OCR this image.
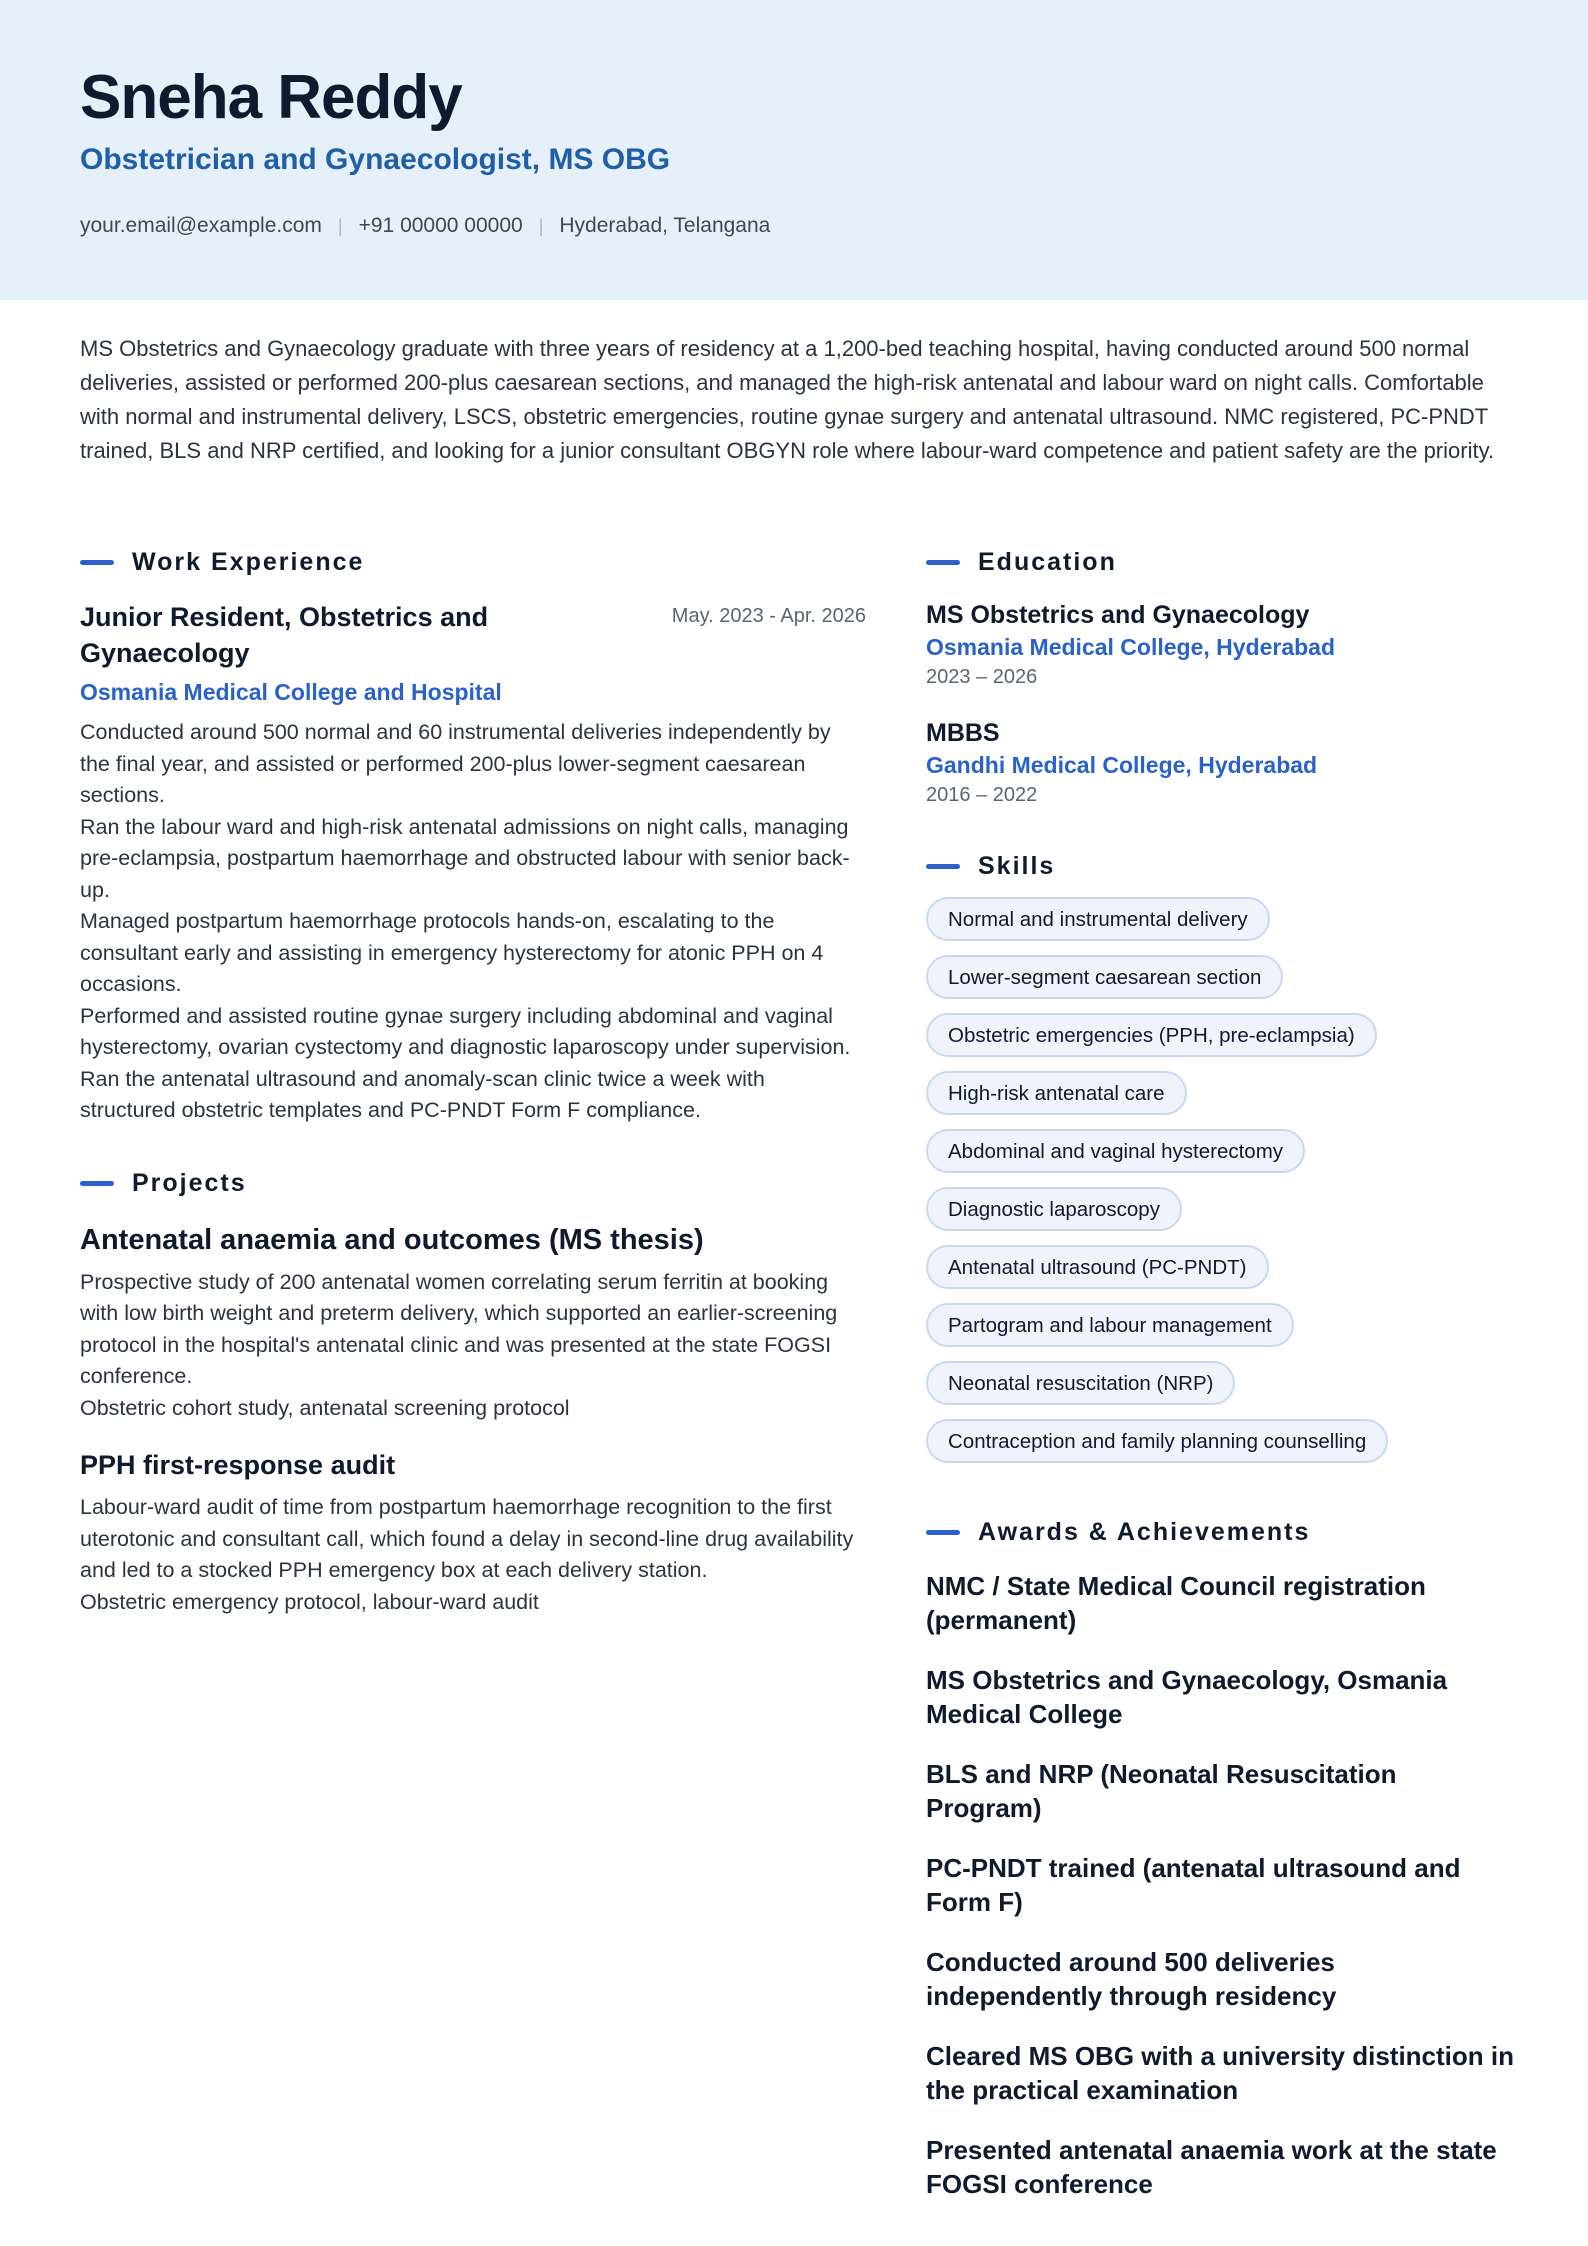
Sneha Reddy
Obstetrician and Gynaecologist, MS OBG
your.email@example.com | +91 00000 00000 | Hyderabad, Telangana
MS Obstetrics and Gynaecology graduate with three years of residency at a 1,200-bed teaching hospital, having conducted around 500 normal deliveries, assisted or performed 200-plus caesarean sections, and managed the high-risk antenatal and labour ward on night calls. Comfortable with normal and instrumental delivery, LSCS, obstetric emergencies, routine gynae surgery and antenatal ultrasound. NMC registered, PC-PNDT trained, BLS and NRP certified, and looking for a junior consultant OBGYN role where labour-ward competence and patient safety are the priority.
Work Experience
Junior Resident, Obstetrics and Gynaecology
May. 2023 - Apr. 2026
Osmania Medical College and Hospital
Conducted around 500 normal and 60 instrumental deliveries independently by the final year, and assisted or performed 200-plus lower-segment caesarean sections.
Ran the labour ward and high-risk antenatal admissions on night calls, managing pre-eclampsia, postpartum haemorrhage and obstructed labour with senior back-up.
Managed postpartum haemorrhage protocols hands-on, escalating to the consultant early and assisting in emergency hysterectomy for atonic PPH on 4 occasions.
Performed and assisted routine gynae surgery including abdominal and vaginal hysterectomy, ovarian cystectomy and diagnostic laparoscopy under supervision.
Ran the antenatal ultrasound and anomaly-scan clinic twice a week with structured obstetric templates and PC-PNDT Form F compliance.
Projects
Antenatal anaemia and outcomes (MS thesis)
Prospective study of 200 antenatal women correlating serum ferritin at booking with low birth weight and preterm delivery, which supported an earlier-screening protocol in the hospital's antenatal clinic and was presented at the state FOGSI conference.
Obstetric cohort study, antenatal screening protocol
PPH first-response audit
Labour-ward audit of time from postpartum haemorrhage recognition to the first uterotonic and consultant call, which found a delay in second-line drug availability and led to a stocked PPH emergency box at each delivery station.
Obstetric emergency protocol, labour-ward audit
Education
MS Obstetrics and Gynaecology
Osmania Medical College, Hyderabad
2023 – 2026
MBBS
Gandhi Medical College, Hyderabad
2016 – 2022
Skills
Normal and instrumental delivery
Lower-segment caesarean section
Obstetric emergencies (PPH, pre-eclampsia)
High-risk antenatal care
Abdominal and vaginal hysterectomy
Diagnostic laparoscopy
Antenatal ultrasound (PC-PNDT)
Partogram and labour management
Neonatal resuscitation (NRP)
Contraception and family planning counselling
Awards & Achievements
NMC / State Medical Council registration (permanent)
MS Obstetrics and Gynaecology, Osmania Medical College
BLS and NRP (Neonatal Resuscitation Program)
PC-PNDT trained (antenatal ultrasound and Form F)
Conducted around 500 deliveries independently through residency
Cleared MS OBG with a university distinction in the practical examination
Presented antenatal anaemia work at the state FOGSI conference
